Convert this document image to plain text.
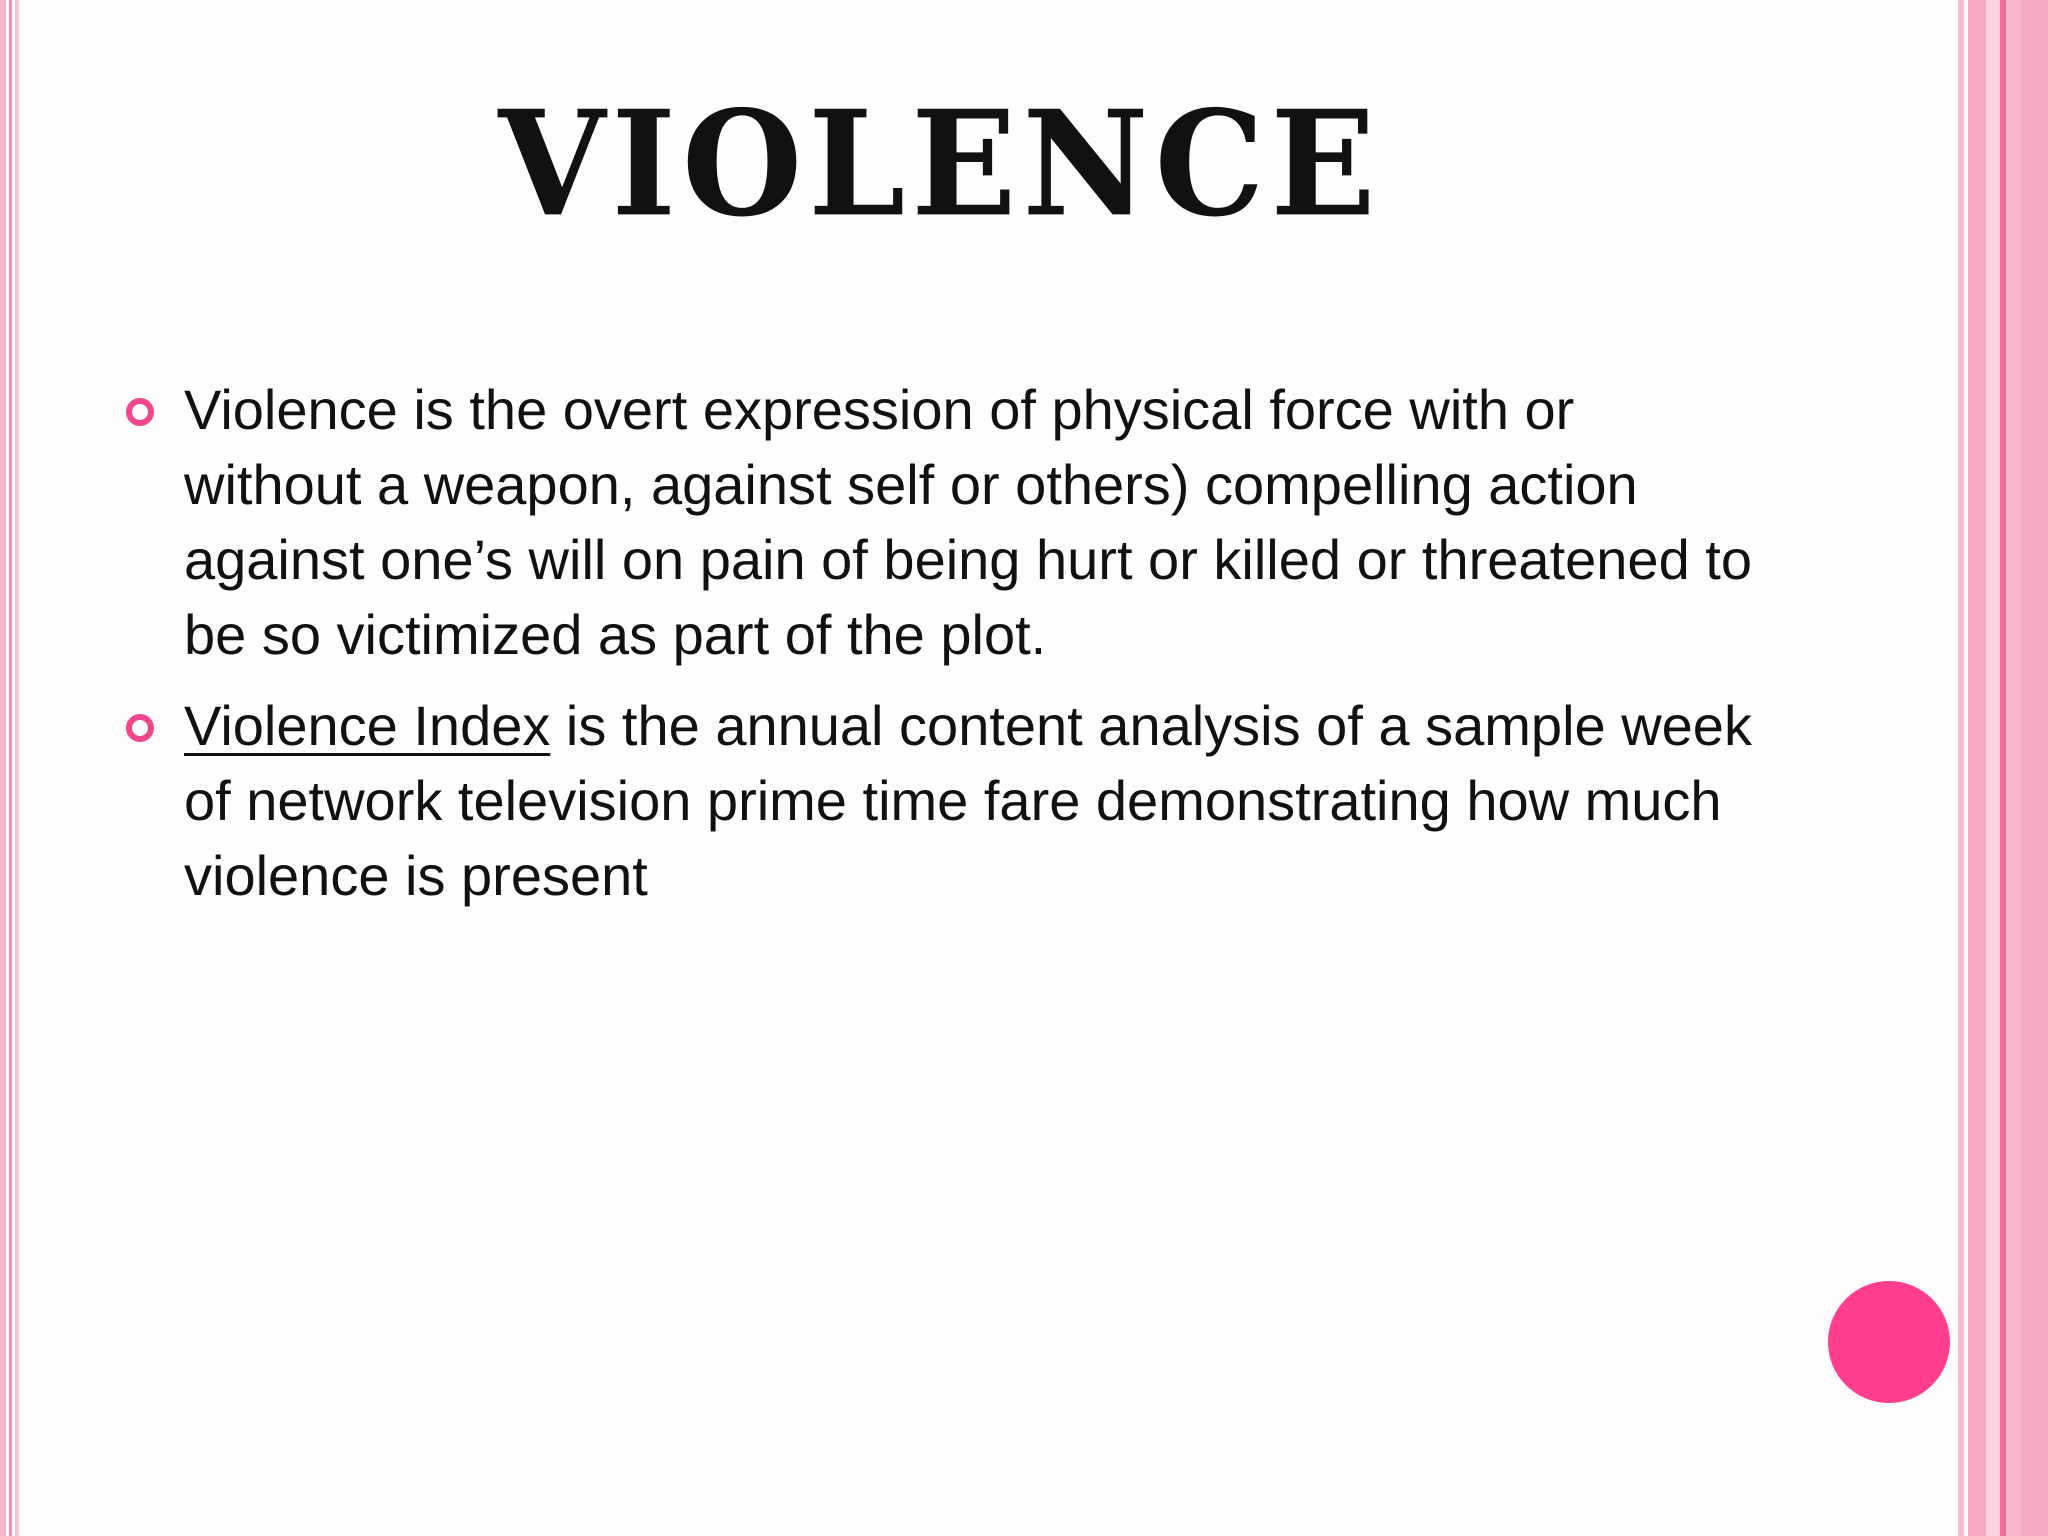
VIOLENCE
Violence is the overt expression of physical force with or without a weapon, against self or others) compelling action against one’s will on pain of being hurt or killed or threatened to be so victimized as part of the plot.
Violence Index is the annual content analysis of a sample week of network television prime time fare demonstrating how much violence is present
